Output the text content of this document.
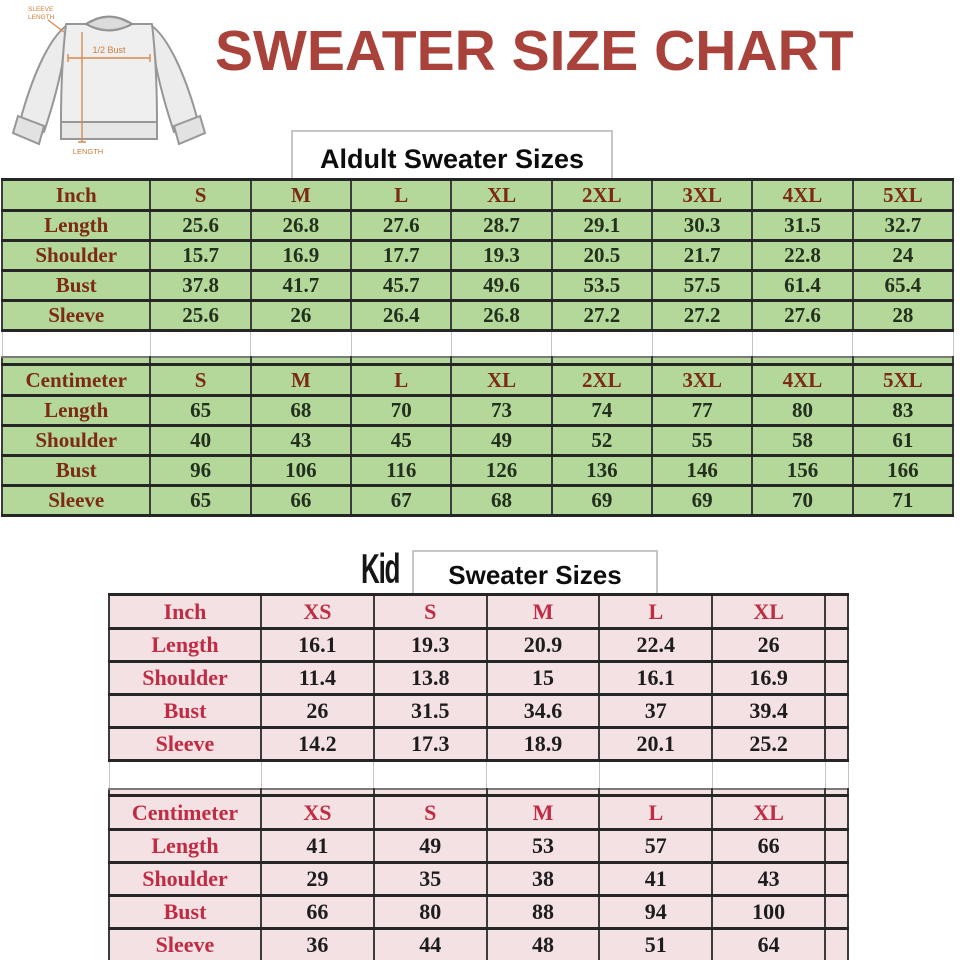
1/2 Bust
LENGTH
SLEEVE
LENGTH
SWEATER SIZE CHART
Aldult Sweater Sizes
Inch	S	M	L	XL	2XL	3XL	4XL	5XL
Length	25.6	26.8	27.6	28.7	29.1	30.3	31.5	32.7
Shoulder	15.7	16.9	17.7	19.3	20.5	21.7	22.8	24
Bust	37.8	41.7	45.7	49.6	53.5	57.5	61.4	65.4
Sleeve	25.6	26	26.4	26.8	27.2	27.2	27.6	28

Centimeter	S	M	L	XL	2XL	3XL	4XL	5XL
Length	65	68	70	73	74	77	80	83
Shoulder	40	43	45	49	52	55	58	61
Bust	96	106	116	126	136	146	156	166
Sleeve	65	66	67	68	69	69	70	71
Kid Sweater Sizes
Inch	XS	S	M	L	XL	
Length	16.1	19.3	20.9	22.4	26	
Shoulder	11.4	13.8	15	16.1	16.9	
Bust	26	31.5	34.6	37	39.4	
Sleeve	14.2	17.3	18.9	20.1	25.2	

Centimeter	XS	S	M	L	XL	
Length	41	49	53	57	66	
Shoulder	29	35	38	41	43	
Bust	66	80	88	94	100	
Sleeve	36	44	48	51	64	
